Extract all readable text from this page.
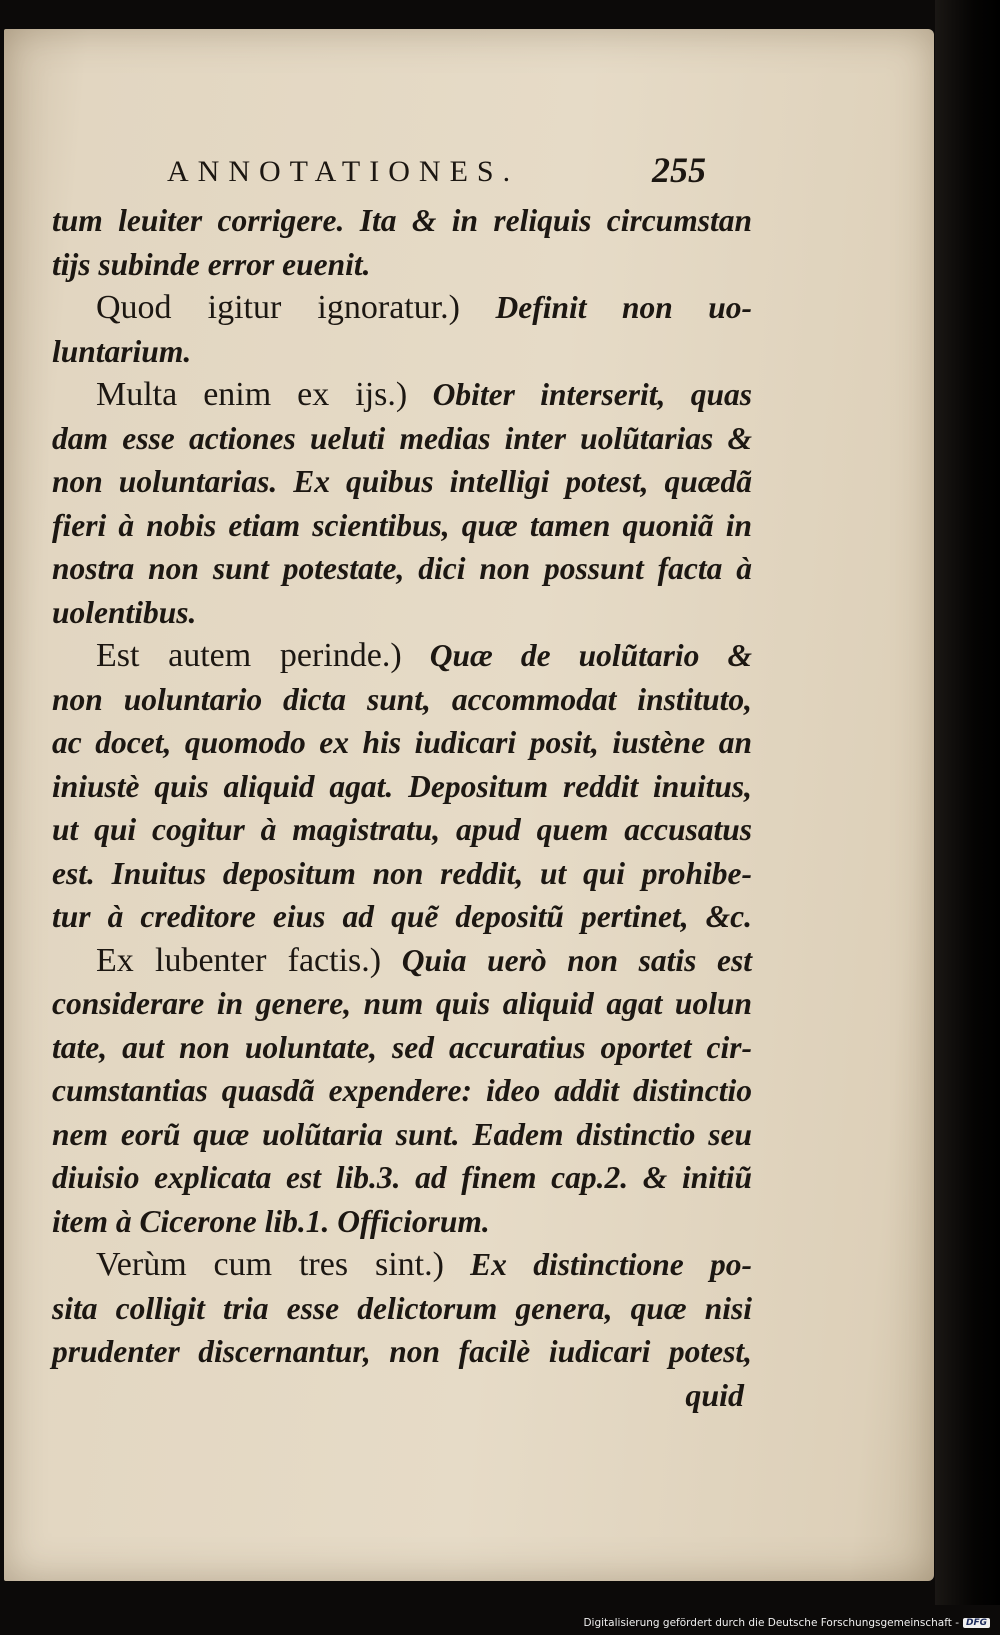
ANNOTATIONES.	255
tum leuiter corrigere. Ita & in reliquis circumstan
tijs subinde error euenit.
Quod igitur ignoratur.) Definit non uo-
luntarium.
Multa enim ex ijs.) Obiter interserit, quas
dam esse actiones ueluti medias inter uolũtarias &
non uoluntarias. Ex quibus intelligi potest, quædã
fieri à nobis etiam scientibus, quæ tamen quoniã in
nostra non sunt potestate, dici non possunt facta à
uolentibus.
Est autem perinde.) Quæ de uolũtario &
non uoluntario dicta sunt, accommodat instituto,
ac docet, quomodo ex his iudicari posit, iustène an
iniustè quis aliquid agat. Depositum reddit inuitus,
ut qui cogitur à magistratu, apud quem accusatus
est. Inuitus depositum non reddit, ut qui prohibe-
tur à creditore eius ad quẽ depositũ pertinet, &c.
Ex lubenter factis.) Quia uerò non satis est
considerare in genere, num quis aliquid agat uolun
tate, aut non uoluntate, sed accuratius oportet cir-
cumstantias quasdã expendere: ideo addit distinctio
nem eorũ quæ uolũtaria sunt. Eadem distinctio seu
diuisio explicata est lib.3. ad finem cap.2. & initiũ
item à Cicerone lib.1. Officiorum.
Verùm cum tres sint.) Ex distinctione po-
sita colligit tria esse delictorum genera, quæ nisi
prudenter discernantur, non facilè iudicari potest,
quid
Digitalisierung gefördert durch die Deutsche Forschungsgemeinschaft - DFG
